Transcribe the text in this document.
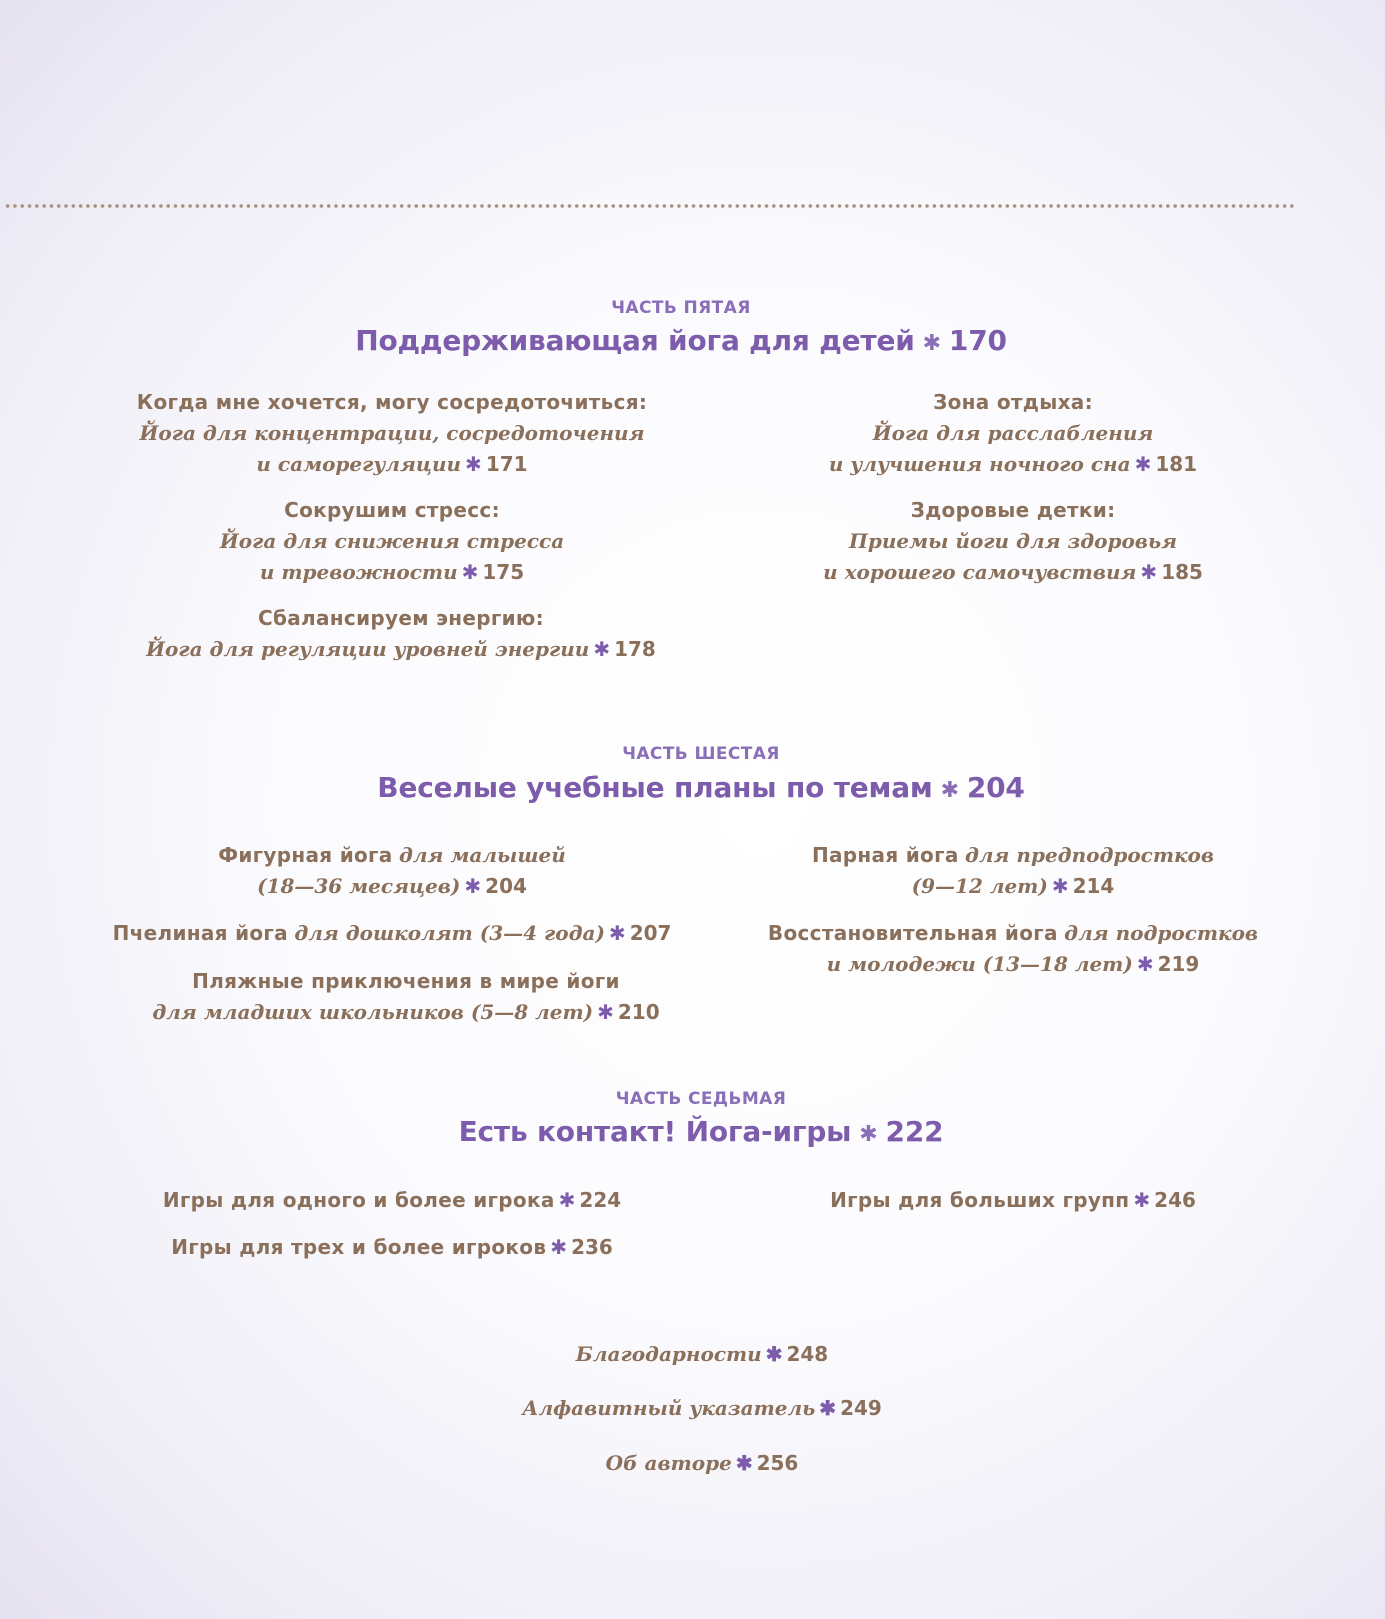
ЧАСТЬ ПЯТАЯ
Поддерживающая йога для детей ✱ 170
Когда мне хочется, могу сосредоточиться:
Йога для концентрации, сосредоточения
и саморегуляции ✱ 171
Сокрушим стресс:
Йога для снижения стресса
и тревожности ✱ 175
Сбалансируем энергию:
Йога для регуляции уровней энергии ✱ 178
Зона отдыха:
Йога для расслабления
и улучшения ночного сна ✱ 181
Здоровые детки:
Приемы йоги для здоровья
и хорошего самочувствия ✱ 185
ЧАСТЬ ШЕСТАЯ
Веселые учебные планы по темам ✱ 204
Фигурная йога для малышей
(18—36 месяцев) ✱ 204
Пчелиная йога для дошколят (3—4 года) ✱ 207
Пляжные приключения в мире йоги
для младших школьников (5—8 лет) ✱ 210
Парная йога для предподростков
(9—12 лет) ✱ 214
Восстановительная йога для подростков
и молодежи (13—18 лет) ✱ 219
ЧАСТЬ СЕДЬМАЯ
Есть контакт! Йога-игры ✱ 222
Игры для одного и более игрока ✱ 224
Игры для трех и более игроков ✱ 236
Игры для больших групп ✱ 246
Благодарности ✱ 248
Алфавитный указатель ✱ 249
Об авторе ✱ 256
